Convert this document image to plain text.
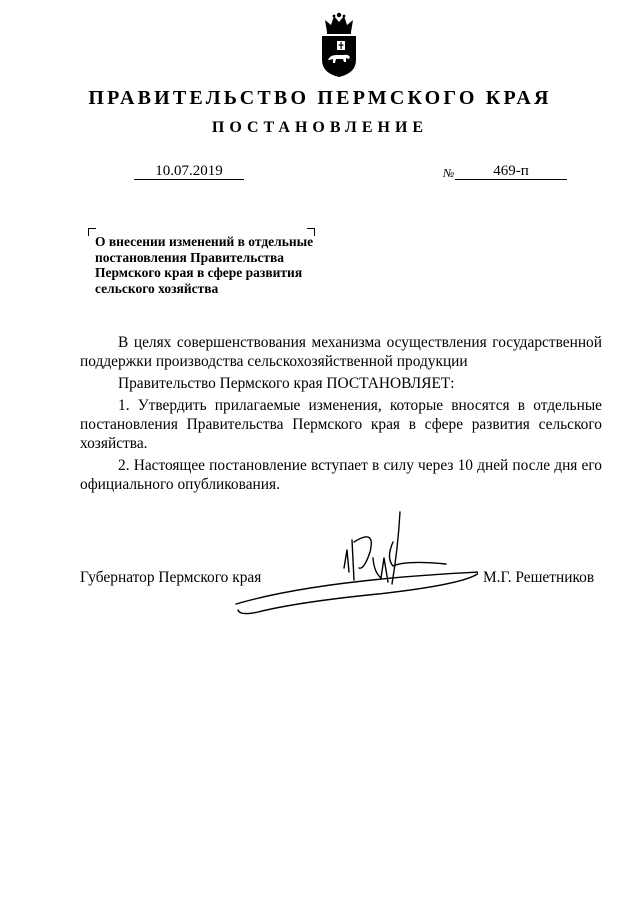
ПРАВИТЕЛЬСТВО ПЕРМСКОГО КРАЯ
ПОСТАНОВЛЕНИЕ
10.07.2019	№	469-п
О внесении изменений в отдельные
постановления Правительства
Пермского края в сфере развития
сельского хозяйства

В целях совершенствования механизма осуществления государственной поддержки производства сельскохозяйственной продукции

Правительство Пермского края ПОСТАНОВЛЯЕТ:

1. Утвердить прилагаемые изменения, которые вносятся в отдельные постановления Правительства Пермского края в сфере развития сельского хозяйства.

2. Настоящее постановление вступает в силу через 10 дней после дня его официального опубликования.

Губернатор Пермского края	М.Г. Решетников
